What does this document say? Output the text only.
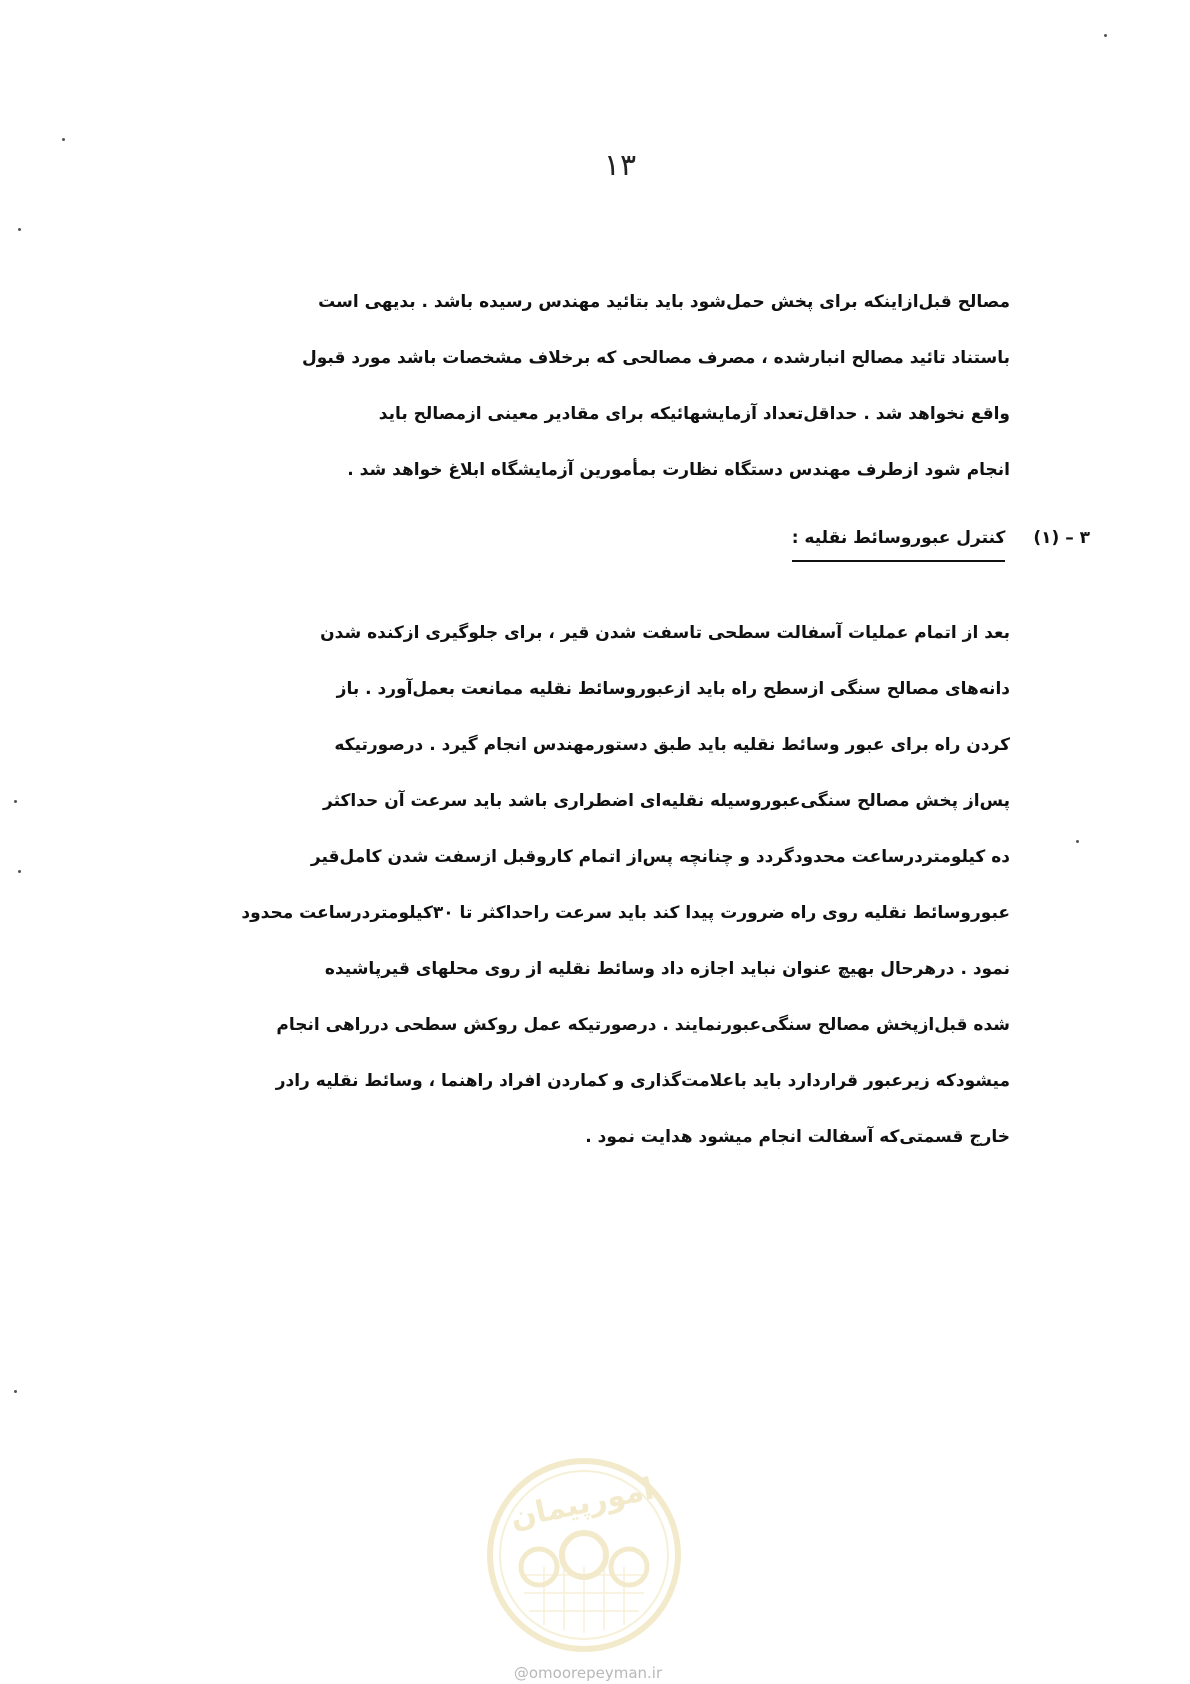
۱۳
مصالح قبل‌ازاینکه برای پخش حمل‌شود باید بتائید مهندس رسیده باشد . بدیهی است
باستناد تائید مصالح انبارشده ، مصرف مصالحی که برخلاف مشخصات باشد مورد قبول
واقع نخواهد شد . حداقل‌تعداد آزمایشهائیکه برای مقادیر معینی ازمصالح باید
انجام شود ازطرف مهندس دستگاه نظارت بمأمورین آزمایشگاه ابلاغ خواهد شد .
۳ – (۱) کنترل عبوروسائط نقلیه :
بعد از اتمام عملیات آسفالت سطحی تاسفت شدن قیر ، برای جلوگیری ازکنده شدن
دانه‌های مصالح سنگی ازسطح راه باید ازعبوروسائط نقلیه ممانعت بعمل‌آورد . باز
کردن راه برای عبور وسائط نقلیه باید طبق دستورمهندس انجام گیرد . درصورتیکه
پس‌از پخش مصالح سنگی‌عبوروسیله نقلیه‌ای اضطراری باشد باید سرعت آن حداکثر
ده کیلومتردرساعت محدودگردد و چنانچه پس‌از اتمام کاروقبل ازسفت شدن کامل‌قیر
عبوروسائط نقلیه روی راه ضرورت پیدا کند باید سرعت راحداکثر تا ۳۰کیلومتردرساعت محدود
نمود . درهرحال بهیچ عنوان نباید اجازه داد وسائط نقلیه از روی محلهای قیرپاشیده
شده قبل‌ازپخش مصالح سنگی‌عبورنمایند . درصورتیکه عمل روکش سطحی درراهی انجام
میشودکه زیرعبور قراردارد باید باعلامت‌گذاری و کماردن افراد راهنما ، وسائط نقلیه رادر
خارج قسمتی‌که آسفالت انجام میشود هدایت نمود .
امورپیمان
@omoorepeyman.ir
